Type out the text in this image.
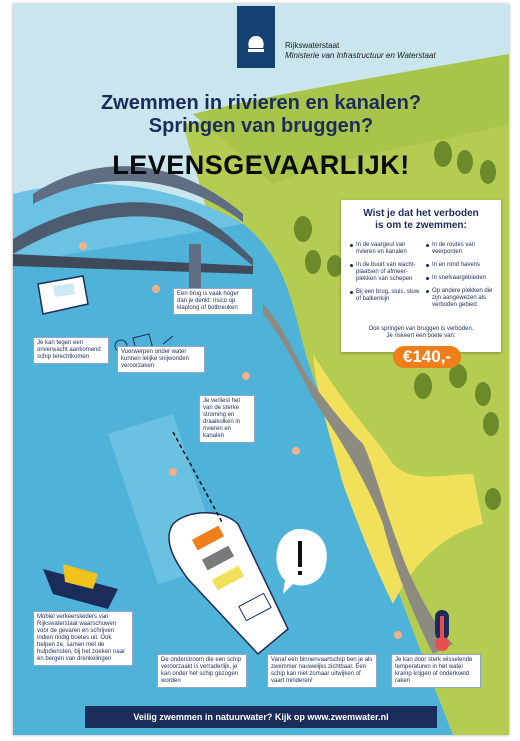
Rijkswaterstaat
Ministerie van Infrastructuur en Waterstaat
Zwemmen in rivieren en kanalen?
Springen van bruggen?
LEVENSGEVAARLIJK!
Wist je dat het verboden
is om te zwemmen:
In de vaargeul van rivieren en kanalen
In de buurt van wacht-plaatsen of afmeer-plekken van schepen
Bij een brug, sluis, stuw of balkenkijn
In de routes van veerponten
In en rond havens
In snelvaargebieden
Op andere plekken die zijn aangewezen als verboden gebied
Ook springen van bruggen is verboden.
Je riskeert een boete van:
€140,-
Een brug is vaak hoger dan je denkt: risico op klaplong of botbreuken
Je kan tegen een onverwacht aankomend schip terechtkomen
Voorwerpen onder water kunnen lelijke snijwonden veroorzaken
Je verliest het van de sterke stroming en draaikolken in rivieren en kanalen
Mobiel verkeersleiders van Rijkswaterstaat waarschuwen voor de gevaren en schrijven indien nodig boetes uit. Ook helpen ze, samen met de hulpdiensten, bij het zoeken naar en bergen van drenkelingen	De onderstroom die een schip veroorzaakt is verraderlijk, je kan onder het schip gezogen worden
Vanaf een binnenvaartschip ben je als zwemmer nauwelijks zichtbaar. Een schip kan niet zomaar uitwijken of vaart minderen!
Je kan door sterk wisselende temperaturen in het water kramp krijgen of onderkoeld raken
Veilig zwemmen in natuurwater? Kijk op www.zwemwater.nl
